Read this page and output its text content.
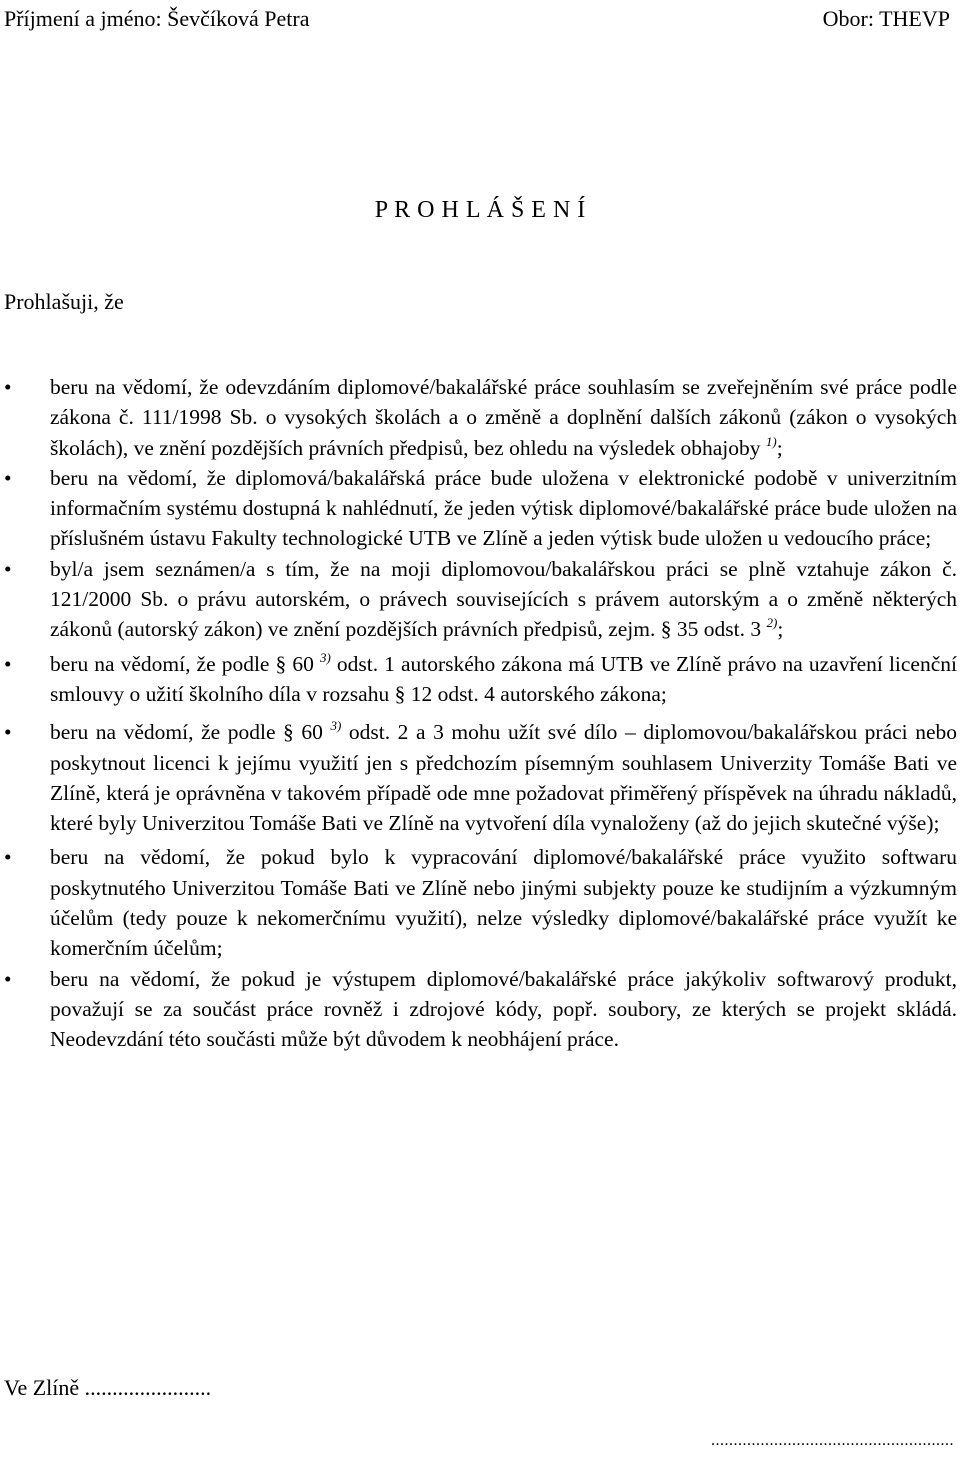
Příjmení a jméno: Ševčíková Petra	Obor: THEVP
P R O H L Á Š E N Í
Prohlašuji, že
• beru na vědomí, že odevzdáním diplomové/bakalářské práce souhlasím se zveřejněním své práce podle zákona č. 111/1998 Sb. o vysokých školách a o změně a doplnění dalších zákonů (zákon o vysokých školách), ve znění pozdějších právních předpisů, bez ohledu na výsledek obhajoby $^{1)}$;
• beru na vědomí, že diplomová/bakalářská práce bude uložena v elektronické podobě v univerzitním informačním systému dostupná k nahlédnutí, že jeden výtisk diplomové/bakalářské práce bude uložen na příslušném ústavu Fakulty technologické UTB ve Zlíně a jeden výtisk bude uložen u vedoucího práce;
• byl/a jsem seznámen/a s tím, že na moji diplomovou/bakalářskou práci se plně vztahuje zákon č. 121/2000 Sb. o právu autorském, o právech souvisejících s právem autorským a o změně některých zákonů (autorský zákon) ve znění pozdějších právních předpisů, zejm. § 35 odst. 3 $^{2)}$;
• beru na vědomí, že podle § 60 $^{3)}$ odst. 1 autorského zákona má UTB ve Zlíně právo na uzavření licenční smlouvy o užití školního díla v rozsahu § 12 odst. 4 autorského zákona;
• beru na vědomí, že podle § 60 $^{3)}$ odst. 2 a 3 mohu užít své dílo – diplomovou/bakalářskou práci nebo poskytnout licenci k jejímu využití jen s předchozím písemným souhlasem Univerzity Tomáše Bati ve Zlíně, která je oprávněna v takovém případě ode mne požadovat přiměřený příspěvek na úhradu nákladů, které byly Univerzitou Tomáše Bati ve Zlíně na vytvoření díla vynaloženy (až do jejich skutečné výše);
• beru na vědomí, že pokud bylo k vypracování diplomové/bakalářské práce využito softwaru poskytnutého Univerzitou Tomáše Bati ve Zlíně nebo jinými subjekty pouze ke studijním a výzkumným účelům (tedy pouze k nekomerčnímu využití), nelze výsledky diplomové/bakalářské práce využít ke komerčním účelům;
• beru na vědomí, že pokud je výstupem diplomové/bakalářské práce jakýkoliv softwarový produkt, považují se za součást práce rovněž i zdrojové kódy, popř. soubory, ze kterých se projekt skládá. Neodevzdání této součásti může být důvodem k neobhájení práce.
Ve Zlíně .......................
......................................................
